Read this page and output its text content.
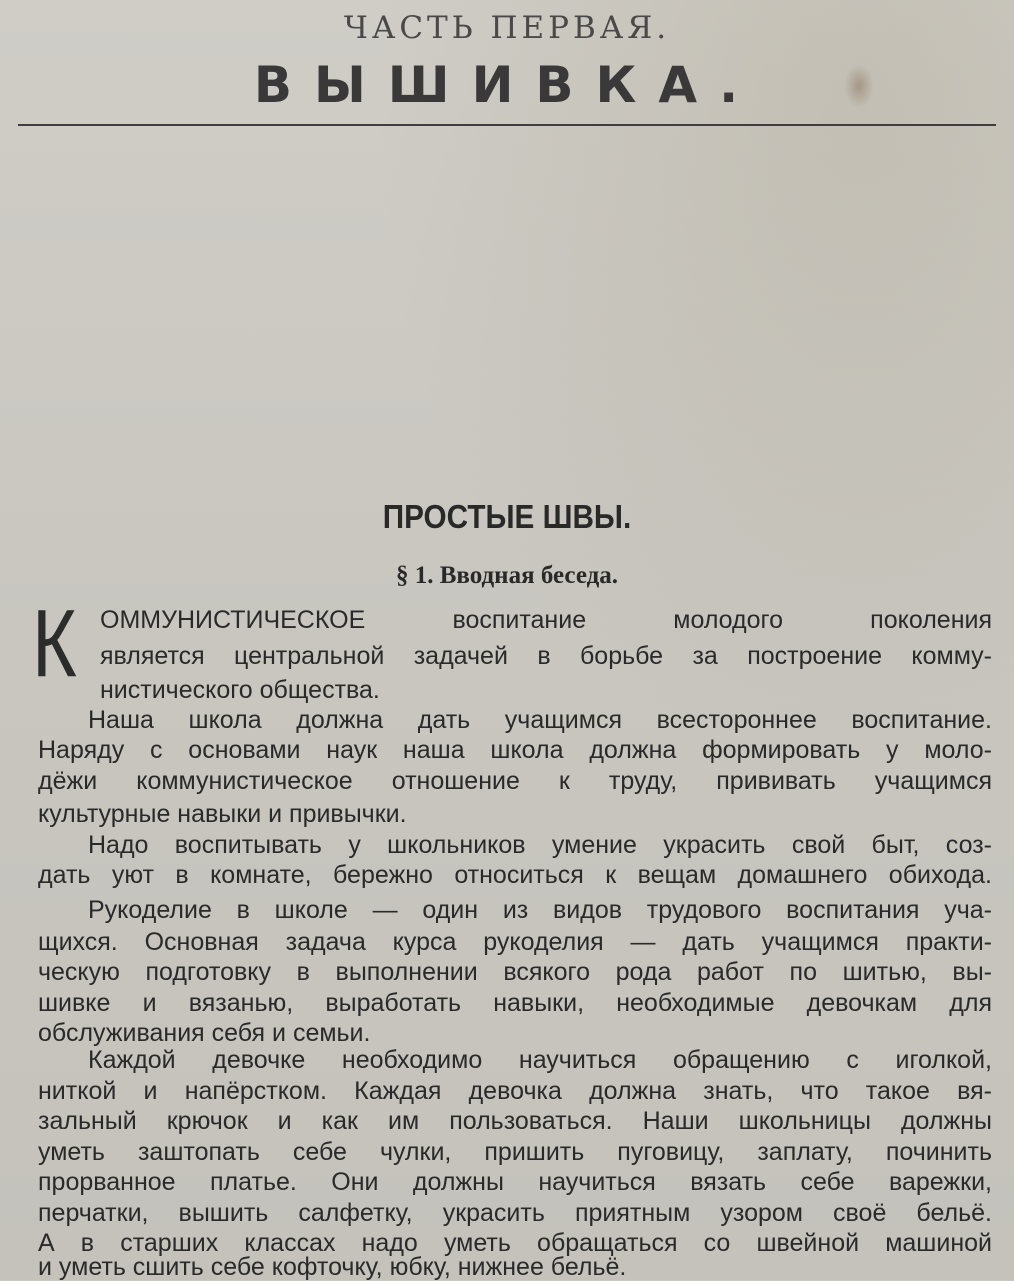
ЧАСТЬ ПЕРВАЯ.
ВЫШИВКА.
ПРОСТЫЕ ШВЫ.
§ 1. Вводная беседа.
К ОММУНИСТИЧЕСКОЕ воспитание молодого поколения
является центральной задачей в борьбе за построение комму-
нистического общества.
Наша школа должна дать учащимся всестороннее воспитание.
Наряду с основами наук наша школа должна формировать у моло-
дёжи коммунистическое отношение к труду, прививать учащимся
культурные навыки и привычки.
Надо воспитывать у школьников умение украсить свой быт, соз-
дать уют в комнате, бережно относиться к вещам домашнего обихода.
Рукоделие в школе — один из видов трудового воспитания уча-
щихся. Основная задача курса рукоделия — дать учащимся практи-
ческую подготовку в выполнении всякого рода работ по шитью, вы-
шивке и вязанью, выработать навыки, необходимые девочкам для
обслуживания себя и семьи.
Каждой девочке необходимо научиться обращению с иголкой,
ниткой и напёрстком. Каждая девочка должна знать, что такое вя-
зальный крючок и как им пользоваться. Наши школьницы должны
уметь заштопать себе чулки, пришить пуговицу, заплату, починить
прорванное платье. Они должны научиться вязать себе варежки,
перчатки, вышить салфетку, украсить приятным узором своё бельё.
А в старших классах надо уметь обращаться со швейной машиной
и уметь сшить себе кофточку, юбку, нижнее бельё.
